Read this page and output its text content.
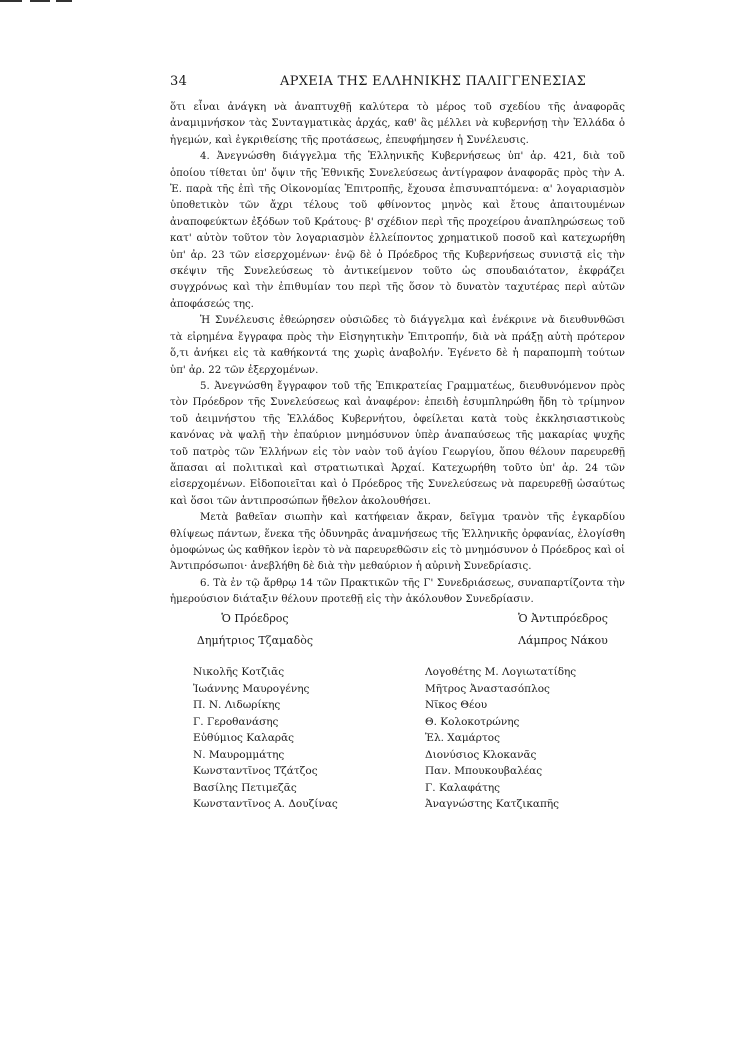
34	ΑΡΧΕΙΑ ΤΗΣ ΕΛΛΗΝΙΚΗΣ ΠΑΛΙΓΓΕΝΕΣΙΑΣ

ὅτι εἶναι ἀνάγκη νὰ ἀναπτυχθῇ καλύτερα τὸ μέρος τοῦ σχεδίου τῆς ἀναφορᾶς ἀναμιμνήσκον τὰς Συνταγματικὰς ἀρχάς, καθ' ἃς μέλλει νὰ κυβερνήσῃ τὴν Ἑλλάδα ὁ ἡγεμών, καὶ ἐγκριθείσης τῆς προτάσεως, ἐπευφήμησεν ἡ Συνέλευσις.

4. Ἀνεγνώσθη διάγγελμα τῆς Ἑλληνικῆς Κυβερνήσεως ὑπ' ἀρ. 421, διὰ τοῦ ὁποίου τίθεται ὑπ' ὄψιν τῆς Ἐθνικῆς Συνελεύσεως ἀντίγραφον ἀναφορᾶς πρὸς τὴν Α. Ἐ. παρὰ τῆς ἐπὶ τῆς Οἰκονομίας Ἐπιτροπῆς, ἔχουσα ἐπισυναπτόμενα: α' λογαριασμὸν ὑποθετικὸν τῶν ἄχρι τέλους τοῦ φθίνοντος μηνὸς καὶ ἔτους ἀπαιτουμένων ἀναποφεύκτων ἐξόδων τοῦ Κράτους· β' σχέδιον περὶ τῆς προχείρου ἀναπληρώσεως τοῦ κατ' αὐτὸν τοῦτον τὸν λογαριασμὸν ἐλλείποντος χρηματικοῦ ποσοῦ καὶ κατεχωρήθη ὑπ' ἀρ. 23 τῶν εἰσερχομένων· ἐνῷ δὲ ὁ Πρόεδρος τῆς Κυβερνήσεως συνιστᾷ εἰς τὴν σκέψιν τῆς Συνελεύσεως τὸ ἀντικείμενον τοῦτο ὡς σπουδαιότατον, ἐκφράζει συγχρόνως καὶ τὴν ἐπιθυμίαν του περὶ τῆς ὅσον τὸ δυνατὸν ταχυτέρας περὶ αὐτῶν ἀποφάσεώς της.

Ἡ Συνέλευσις ἐθεώρησεν οὐσιῶδες τὸ διάγγελμα καὶ ἐνέκρινε νὰ διευθυνθῶσι τὰ εἰρημένα ἔγγραφα πρὸς τὴν Εἰσηγητικὴν Ἐπιτροπήν, διὰ νὰ πράξῃ αὐτὴ πρότερον ὅ,τι ἀνήκει εἰς τὰ καθήκοντά της χωρὶς ἀναβολήν. Ἐγένετο δὲ ἡ παραπομπὴ τούτων ὑπ' ἀρ. 22 τῶν ἐξερχομένων.

5. Ἀνεγνώσθη ἔγγραφον τοῦ τῆς Ἐπικρατείας Γραμματέως, διευθυνόμενον πρὸς τὸν Πρόεδρον τῆς Συνελεύσεως καὶ ἀναφέρον: ἐπειδὴ ἐσυμπληρώθη ἤδη τὸ τρίμηνον τοῦ ἀειμνήστου τῆς Ἑλλάδος Κυβερνήτου, ὀφείλεται κατὰ τοὺς ἐκκλησιαστικοὺς κανόνας νὰ ψαλῇ τὴν ἐπαύριον μνημόσυνον ὑπὲρ ἀναπαύσεως τῆς μακαρίας ψυχῆς τοῦ πατρὸς τῶν Ἑλλήνων εἰς τὸν ναὸν τοῦ ἁγίου Γεωργίου, ὅπου θέλουν παρευρεθῇ ἅπασαι αἱ πολιτικαὶ καὶ στρατιωτικαὶ Ἀρχαί. Κατεχωρήθη τοῦτο ὑπ' ἀρ. 24 τῶν εἰσερχομένων. Εἰδοποιεῖται καὶ ὁ Πρόεδρος τῆς Συνελεύσεως νὰ παρευρεθῇ ὡσαύτως καὶ ὅσοι τῶν ἀντιπροσώπων ἤθελον ἀκολουθήσει.

Μετὰ βαθεῖαν σιωπὴν καὶ κατήφειαν ἄκραν, δεῖγμα τρανὸν τῆς ἐγκαρδίου θλίψεως πάντων, ἕνεκα τῆς ὀδυνηρᾶς ἀναμνήσεως τῆς Ἑλληνικῆς ὀρφανίας, ἐλογίσθη ὁμοφώνως ὡς καθῆκον ἱερὸν τὸ νὰ παρευρεθῶσιν εἰς τὸ μνημόσυνον ὁ Πρόεδρος καὶ οἱ Ἀντιπρόσωποι· ἀνεβλήθη δὲ διὰ τὴν μεθαύριον ἡ αὐρινὴ Συνεδρίασις.

6. Τὰ ἐν τῷ ἄρθρῳ 14 τῶν Πρακτικῶν τῆς Γ' Συνεδριάσεως, συναπαρτίζοντα τὴν ἡμερούσιον διάταξιν θέλουν προτεθῇ εἰς τὴν ἀκόλουθον Συνεδρίασιν.

Ὁ Πρόεδρος
Δημήτριος Τζαμαδὸς
Ὁ Ἀντιπρόεδρος
Λάμπρος Νάκου
Νικολῆς Κοτζιᾶς
Ἰωάννης Μαυρογένης
Π. Ν. Λιδωρίκης
Γ. Γεροθανάσης
Εὐθύμιος Καλαρᾶς
Ν. Μαυρομμάτης
Κωνσταντῖνος Τζάτζος
Βασίλης Πετιμεζᾶς
Κωνσταντῖνος Α. Δουζίνας
Λογοθέτης Μ. Λογιωτατίδης
Μῆτρος Ἀναστασόπλος
Νῖκος Θέου
Θ. Κολοκοτρώνης
Ἐλ. Χαμάρτος
Διονύσιος Κλοκανᾶς
Παν. Μπουκουβαλέας
Γ. Καλαφάτης
Ἀναγνώστης Κατζικαπῆς
